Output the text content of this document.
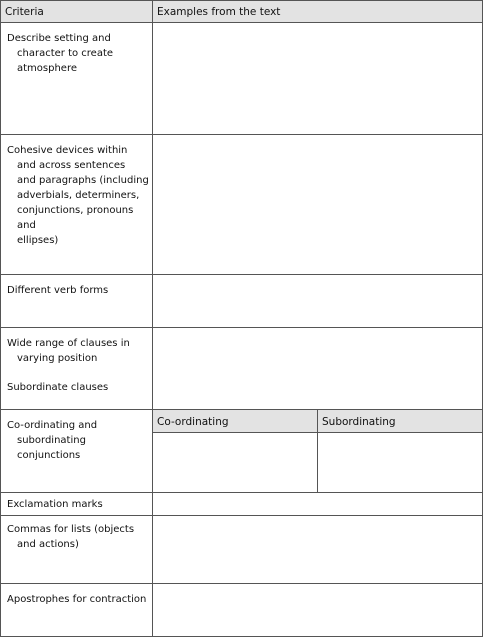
Criteria	Examples from the text
Describe setting and
character to create
atmosphere
Cohesive devices within
and across sentences
and paragraphs (including
adverbials, determiners,
conjunctions, pronouns and
ellipses)
Different verb forms
Wide range of clauses in
varying position
Subordinate clauses
Co-ordinating and
subordinating
conjunctions
Co-ordinating	Subordinating
Exclamation marks
Commas for lists (objects
and actions)
Apostrophes for contraction
